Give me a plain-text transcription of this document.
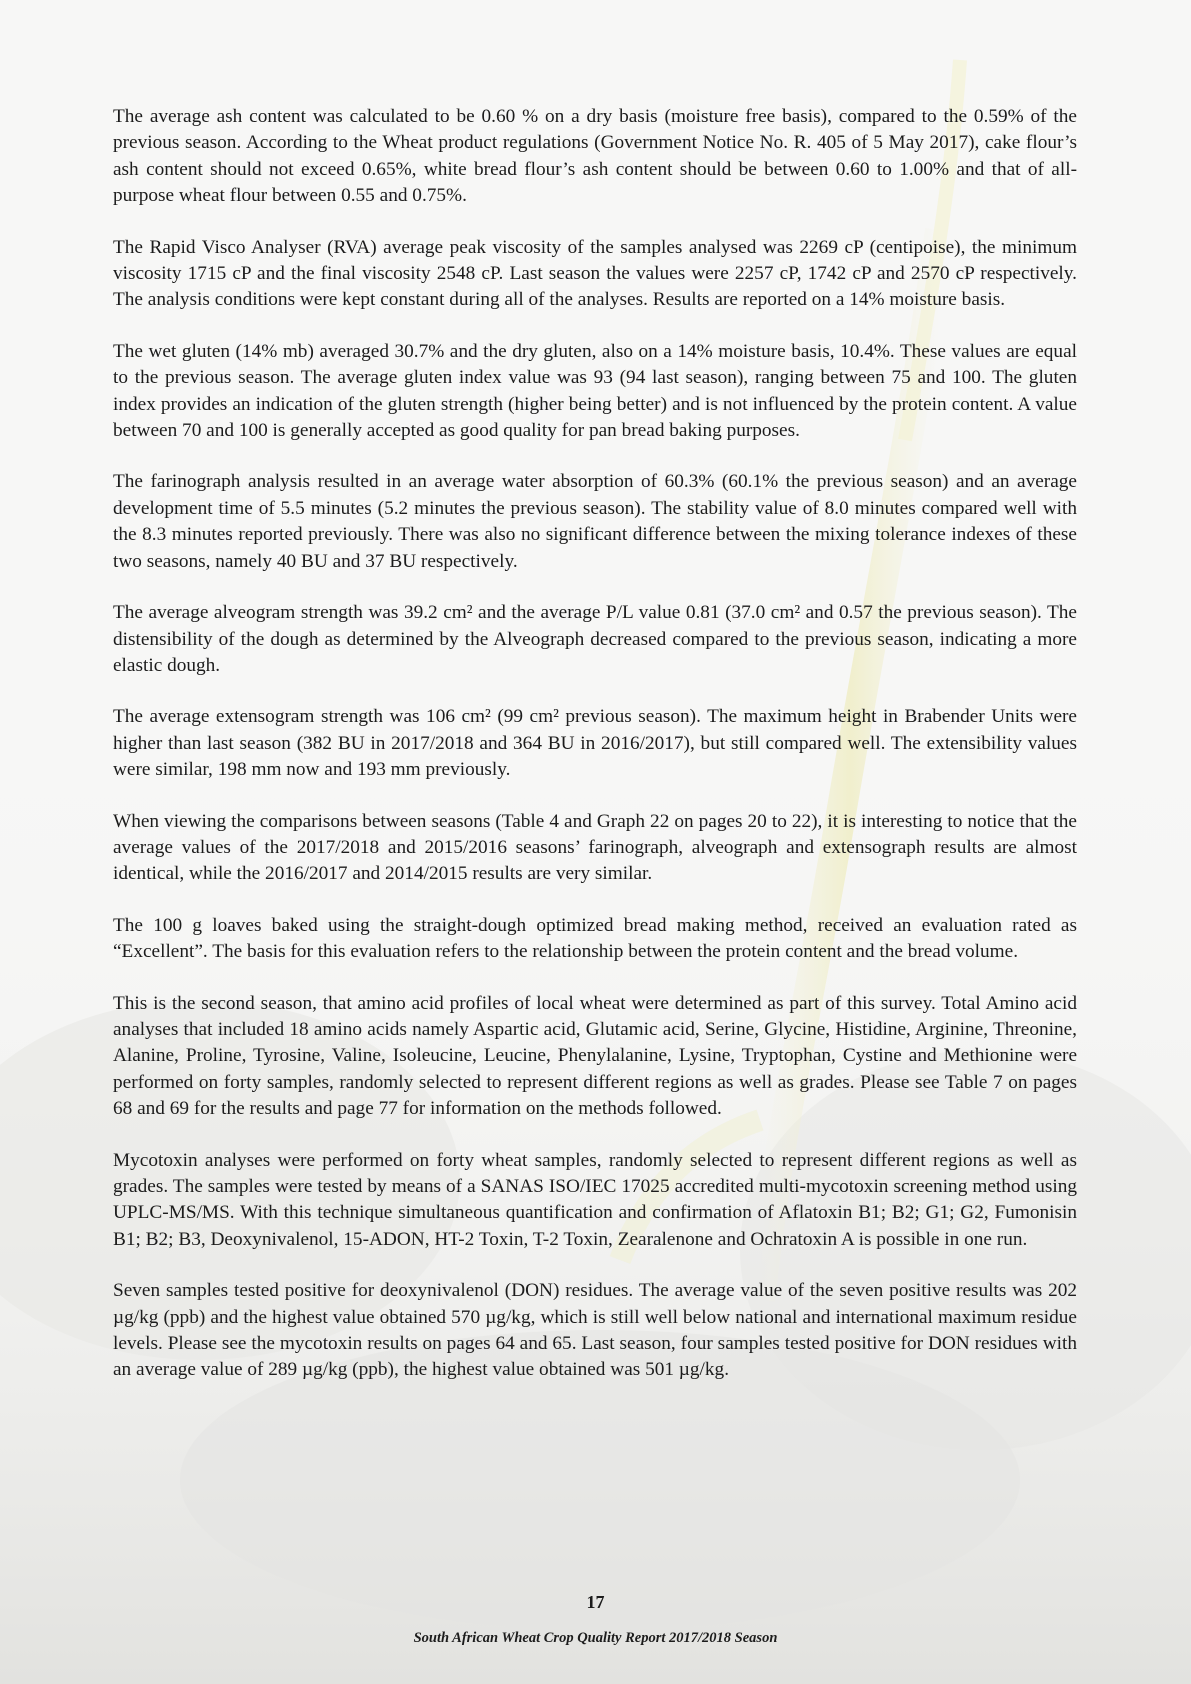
The average ash content was calculated to be 0.60 % on a dry basis (moisture free basis), compared to the 0.59% of the previous season. According to the Wheat product regulations (Government Notice No. R. 405 of 5 May 2017), cake flour’s ash content should not exceed 0.65%, white bread flour’s ash content should be between 0.60 to 1.00% and that of all-purpose wheat flour between 0.55 and 0.75%.

The Rapid Visco Analyser (RVA) average peak viscosity of the samples analysed was 2269 cP (centipoise), the minimum viscosity 1715 cP and the final viscosity 2548 cP. Last season the values were 2257 cP, 1742 cP and 2570 cP respectively. The analysis conditions were kept constant during all of the analyses. Results are reported on a 14% moisture basis.

The wet gluten (14% mb) averaged 30.7% and the dry gluten, also on a 14% moisture basis, 10.4%. These values are equal to the previous season. The average gluten index value was 93 (94 last season), ranging between 75 and 100. The gluten index provides an indication of the gluten strength (higher being better) and is not influenced by the protein content. A value between 70 and 100 is generally accepted as good quality for pan bread baking purposes.

The farinograph analysis resulted in an average water absorption of 60.3% (60.1% the previous season) and an average development time of 5.5 minutes (5.2 minutes the previous season). The stability value of 8.0 minutes compared well with the 8.3 minutes reported previously. There was also no significant difference between the mixing tolerance indexes of these two seasons, namely 40 BU and 37 BU respectively.

The average alveogram strength was 39.2 cm² and the average P/L value 0.81 (37.0 cm² and 0.57 the previous season). The distensibility of the dough as determined by the Alveograph decreased compared to the previous season, indicating a more elastic dough.

The average extensogram strength was 106 cm² (99 cm² previous season). The maximum height in Brabender Units were higher than last season (382 BU in 2017/2018 and 364 BU in 2016/2017), but still compared well. The extensibility values were similar, 198 mm now and 193 mm previously.

When viewing the comparisons between seasons (Table 4 and Graph 22 on pages 20 to 22), it is interesting to notice that the average values of the 2017/2018 and 2015/2016 seasons’ farinograph, alveograph and extensograph results are almost identical, while the 2016/2017 and 2014/2015 results are very similar.

The 100 g loaves baked using the straight-dough optimized bread making method, received an evaluation rated as “Excellent”. The basis for this evaluation refers to the relationship between the protein content and the bread volume.

This is the second season, that amino acid profiles of local wheat were determined as part of this survey. Total Amino acid analyses that included 18 amino acids namely Aspartic acid, Glutamic acid, Serine, Glycine, Histidine, Arginine, Threonine, Alanine, Proline, Tyrosine, Valine, Isoleucine, Leucine, Phenylalanine, Lysine, Tryptophan, Cystine and Methionine were performed on forty samples, randomly selected to represent different regions as well as grades. Please see Table 7 on pages 68 and 69 for the results and page 77 for information on the methods followed.

Mycotoxin analyses were performed on forty wheat samples, randomly selected to represent different regions as well as grades. The samples were tested by means of a SANAS ISO/IEC 17025 accredited multi-mycotoxin screening method using UPLC-MS/MS. With this technique simultaneous quantification and confirmation of Aflatoxin B1; B2; G1; G2, Fumonisin B1; B2; B3, Deoxynivalenol, 15-ADON, HT-2 Toxin, T-2 Toxin, Zearalenone and Ochratoxin A is possible in one run.

Seven samples tested positive for deoxynivalenol (DON) residues. The average value of the seven positive results was 202 µg/kg (ppb) and the highest value obtained 570 µg/kg, which is still well below national and international maximum residue levels. Please see the mycotoxin results on pages 64 and 65. Last season, four samples tested positive for DON residues with an average value of 289 µg/kg (ppb), the highest value obtained was 501 µg/kg.

17
South African Wheat Crop Quality Report 2017/2018 Season
